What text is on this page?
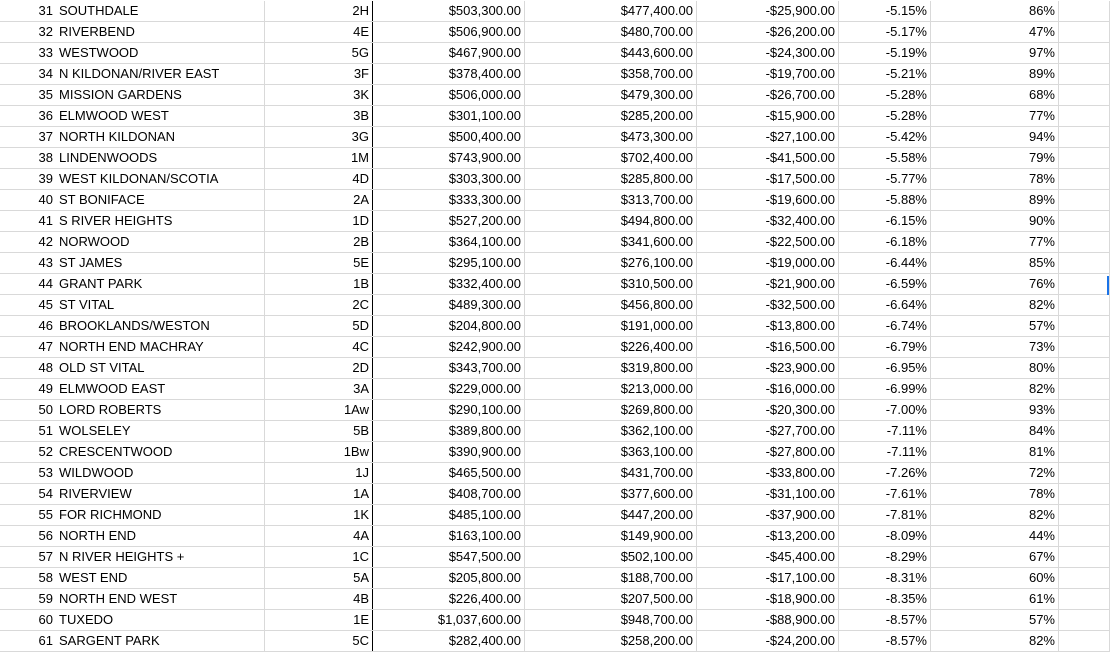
31 SOUTHDALE	2H	$503,300.00	$477,400.00	-$25,900.00	-5.15%	86%
32 RIVERBEND	4E	$506,900.00	$480,700.00	-$26,200.00	-5.17%	47%
33 WESTWOOD	5G	$467,900.00	$443,600.00	-$24,300.00	-5.19%	97%
34 N KILDONAN/RIVER EAST	3F	$378,400.00	$358,700.00	-$19,700.00	-5.21%	89%
35 MISSION GARDENS	3K	$506,000.00	$479,300.00	-$26,700.00	-5.28%	68%
36 ELMWOOD WEST	3B	$301,100.00	$285,200.00	-$15,900.00	-5.28%	77%
37 NORTH KILDONAN	3G	$500,400.00	$473,300.00	-$27,100.00	-5.42%	94%
38 LINDENWOODS	1M	$743,900.00	$702,400.00	-$41,500.00	-5.58%	79%
39 WEST KILDONAN/SCOTIA	4D	$303,300.00	$285,800.00	-$17,500.00	-5.77%	78%
40 ST BONIFACE	2A	$333,300.00	$313,700.00	-$19,600.00	-5.88%	89%
41 S RIVER HEIGHTS	1D	$527,200.00	$494,800.00	-$32,400.00	-6.15%	90%
42 NORWOOD	2B	$364,100.00	$341,600.00	-$22,500.00	-6.18%	77%
43 ST JAMES	5E	$295,100.00	$276,100.00	-$19,000.00	-6.44%	85%
44 GRANT PARK	1B	$332,400.00	$310,500.00	-$21,900.00	-6.59%	76%
45 ST VITAL	2C	$489,300.00	$456,800.00	-$32,500.00	-6.64%	82%
46 BROOKLANDS/WESTON	5D	$204,800.00	$191,000.00	-$13,800.00	-6.74%	57%
47 NORTH END MACHRAY	4C	$242,900.00	$226,400.00	-$16,500.00	-6.79%	73%
48 OLD ST VITAL	2D	$343,700.00	$319,800.00	-$23,900.00	-6.95%	80%
49 ELMWOOD EAST	3A	$229,000.00	$213,000.00	-$16,000.00	-6.99%	82%
50 LORD ROBERTS	1Aw	$290,100.00	$269,800.00	-$20,300.00	-7.00%	93%
51 WOLSELEY	5B	$389,800.00	$362,100.00	-$27,700.00	-7.11%	84%
52 CRESCENTWOOD	1Bw	$390,900.00	$363,100.00	-$27,800.00	-7.11%	81%
53 WILDWOOD	1J	$465,500.00	$431,700.00	-$33,800.00	-7.26%	72%
54 RIVERVIEW	1A	$408,700.00	$377,600.00	-$31,100.00	-7.61%	78%
55 FOR RICHMOND	1K	$485,100.00	$447,200.00	-$37,900.00	-7.81%	82%
56 NORTH END	4A	$163,100.00	$149,900.00	-$13,200.00	-8.09%	44%
57 N RIVER HEIGHTS +	1C	$547,500.00	$502,100.00	-$45,400.00	-8.29%	67%
58 WEST END	5A	$205,800.00	$188,700.00	-$17,100.00	-8.31%	60%
59 NORTH END WEST	4B	$226,400.00	$207,500.00	-$18,900.00	-8.35%	61%
60 TUXEDO	1E	$1,037,600.00	$948,700.00	-$88,900.00	-8.57%	57%
61 SARGENT PARK	5C	$282,400.00	$258,200.00	-$24,200.00	-8.57%	82%
